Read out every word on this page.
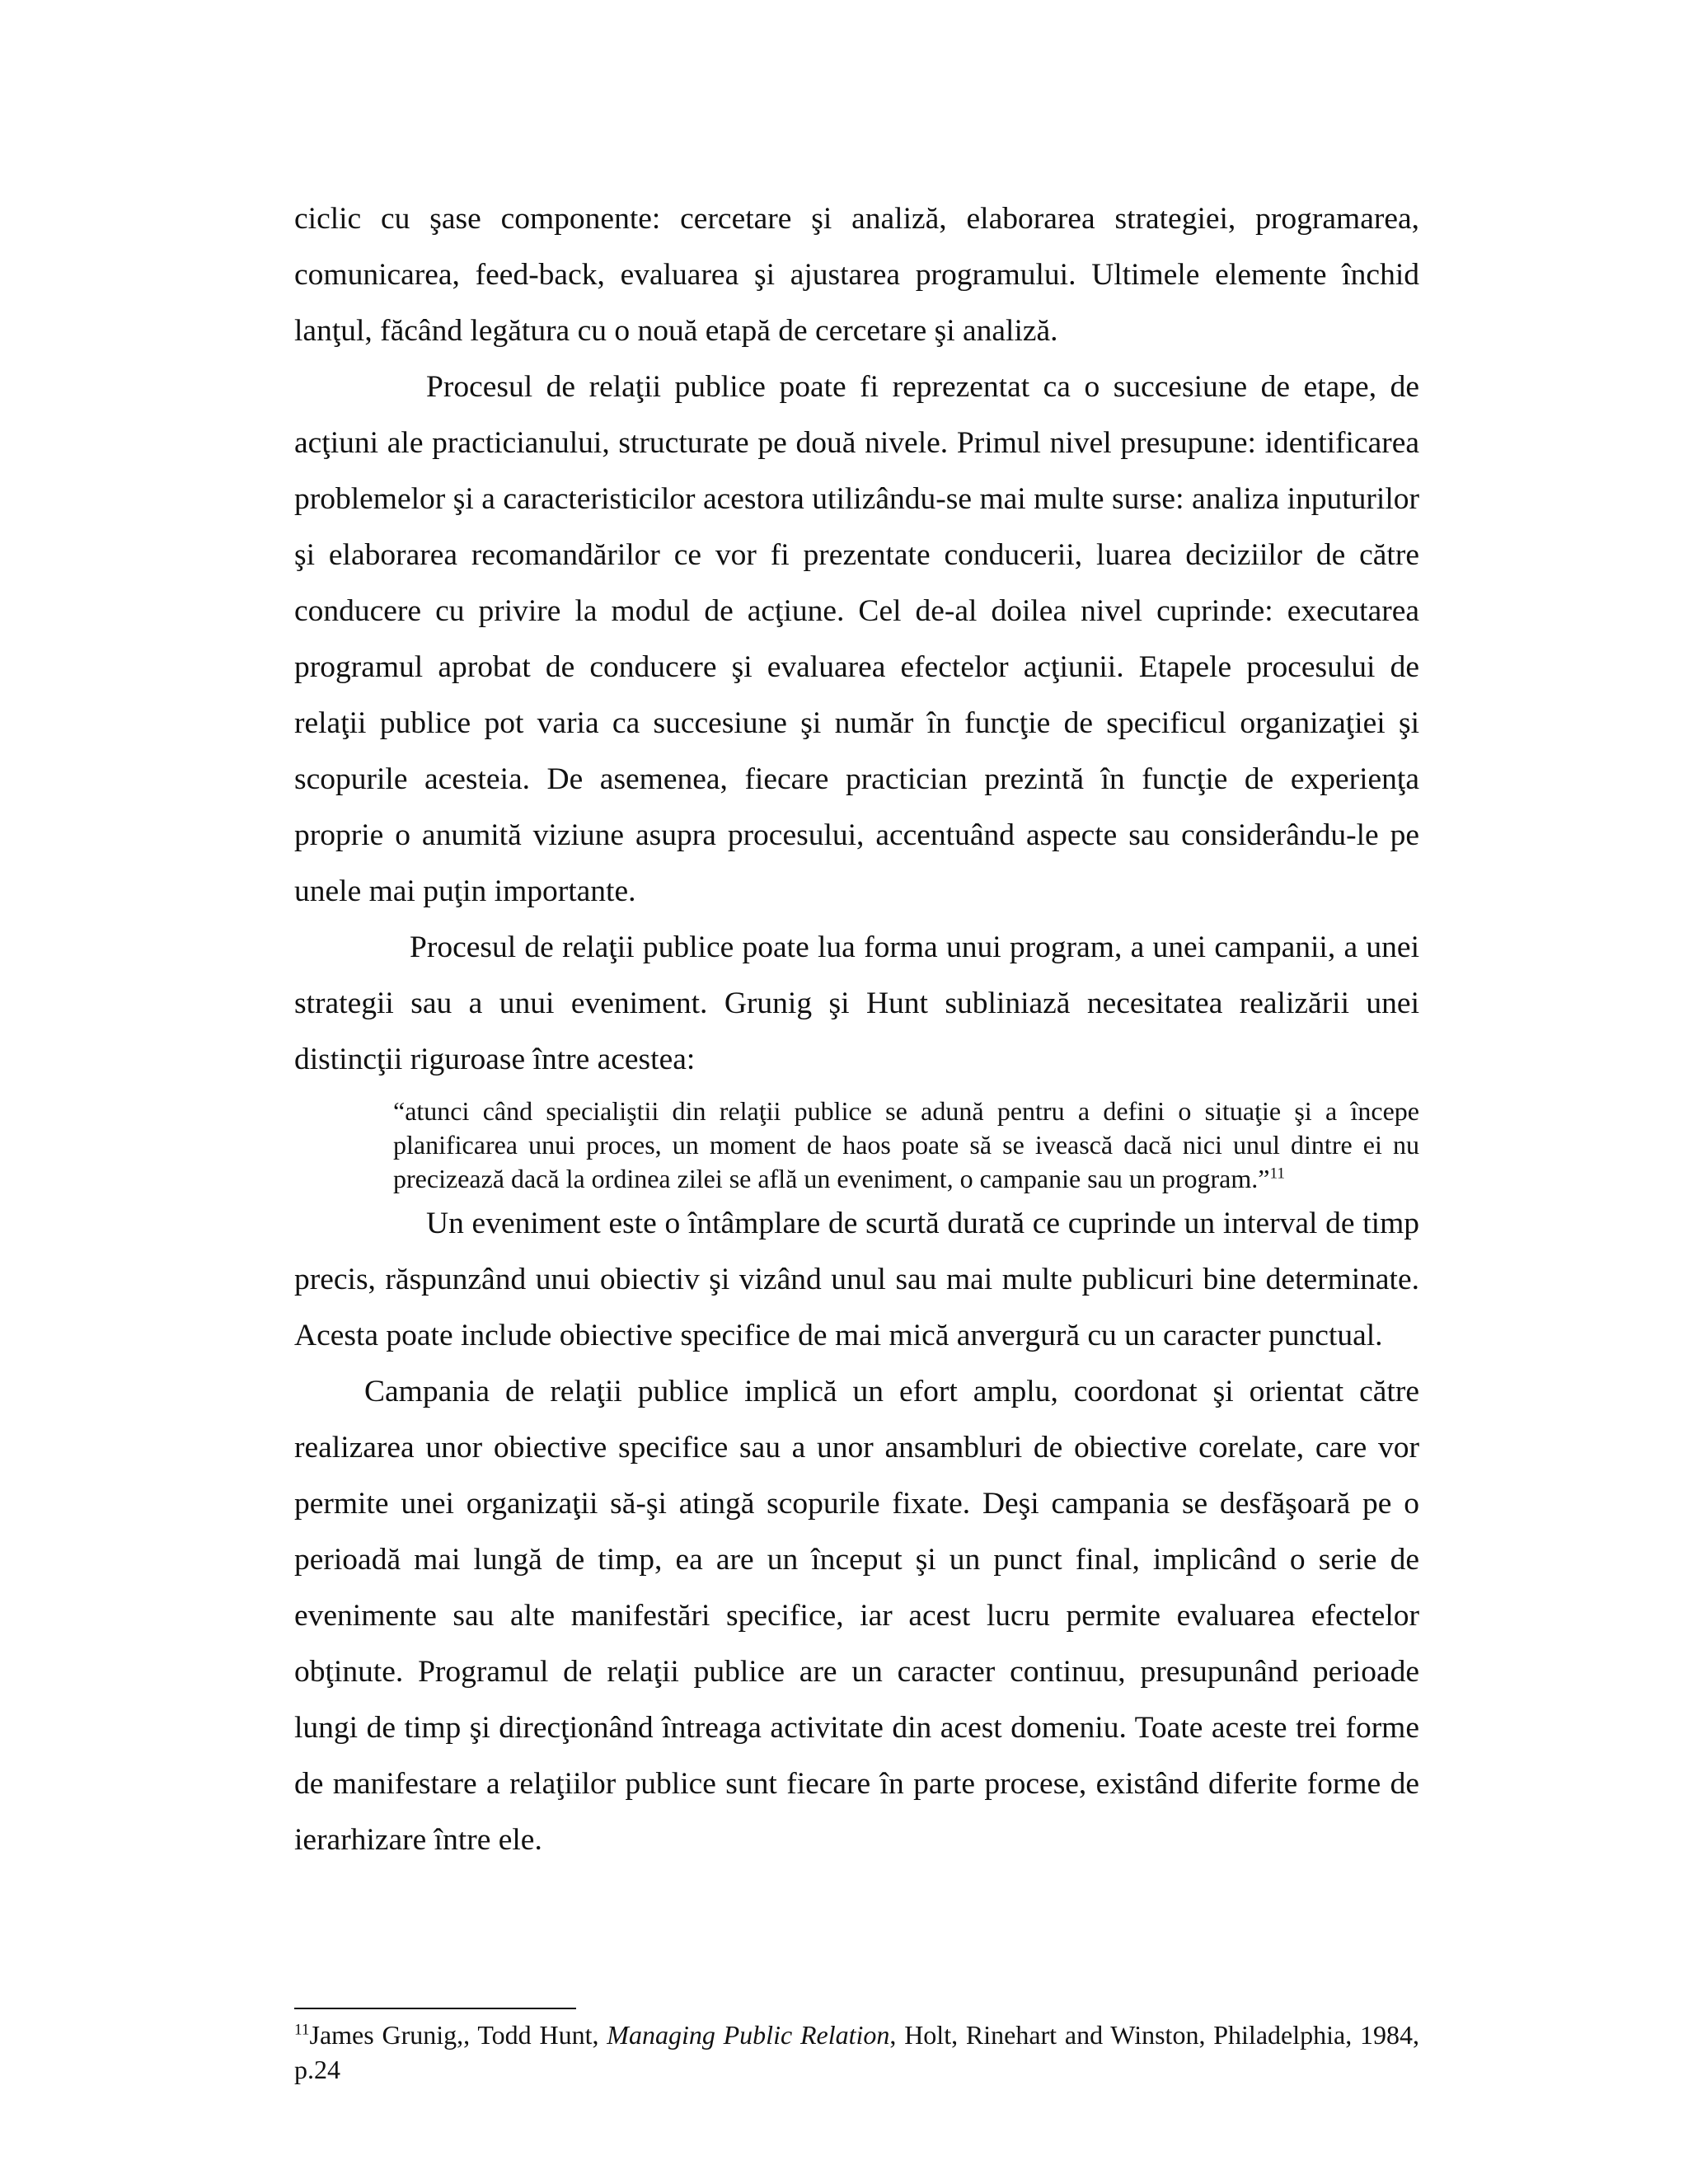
ciclic cu şase componente: cercetare şi analiză, elaborarea strategiei, programarea, comunicarea, feed-back, evaluarea şi ajustarea programului. Ultimele elemente închid lanţul, făcând legătura cu o nouă etapă de cercetare şi analiză.

Procesul de relaţii publice poate fi reprezentat ca o succesiune de etape, de acţiuni ale practicianului, structurate pe două nivele. Primul nivel presupune: identificarea problemelor şi a caracteristicilor acestora utilizându-se mai multe surse: analiza inputurilor şi elaborarea recomandărilor ce vor fi prezentate conducerii, luarea deciziilor de către conducere cu privire la modul de acţiune. Cel de-al doilea nivel cuprinde: executarea programul aprobat de conducere şi evaluarea efectelor acţiunii. Etapele procesului de relaţii publice pot varia ca succesiune şi număr în funcţie de specificul organizaţiei şi scopurile acesteia. De asemenea, fiecare practician prezintă în funcţie de experienţa proprie o anumită viziune asupra procesului, accentuând aspecte sau considerându-le pe unele mai puţin importante.

Procesul de relaţii publice poate lua forma unui program, a unei campanii, a unei strategii sau a unui eveniment. Grunig şi Hunt subliniază necesitatea realizării unei distincţii riguroase între acestea:

“atunci când specialiştii din relaţii publice se adună pentru a defini o situaţie şi a începe planificarea unui proces, un moment de haos poate să se ivească dacă nici unul dintre ei nu precizează dacă la ordinea zilei se află un eveniment, o campanie sau un program.”$^{11}$

Un eveniment este o întâmplare de scurtă durată ce cuprinde un interval de timp precis, răspunzând unui obiectiv şi vizând unul sau mai multe publicuri bine determinate. Acesta poate include obiective specifice de mai mică anvergură cu un caracter punctual.

Campania de relaţii publice implică un efort amplu, coordonat şi orientat către realizarea unor obiective specifice sau a unor ansambluri de obiective corelate, care vor permite unei organizaţii să-şi atingă scopurile fixate. Deşi campania se desfăşoară pe o perioadă mai lungă de timp, ea are un început şi un punct final, implicând o serie de evenimente sau alte manifestări specifice, iar acest lucru permite evaluarea efectelor obţinute. Programul de relaţii publice are un caracter continuu, presupunând perioade lungi de timp şi direcţionând întreaga activitate din acest domeniu. Toate aceste trei forme de manifestare a relaţiilor publice sunt fiecare în parte procese, existând diferite forme de ierarhizare între ele.

$^{11}$James Grunig,, Todd Hunt, Managing Public Relation, Holt, Rinehart and Winston, Philadelphia, 1984, p.24
